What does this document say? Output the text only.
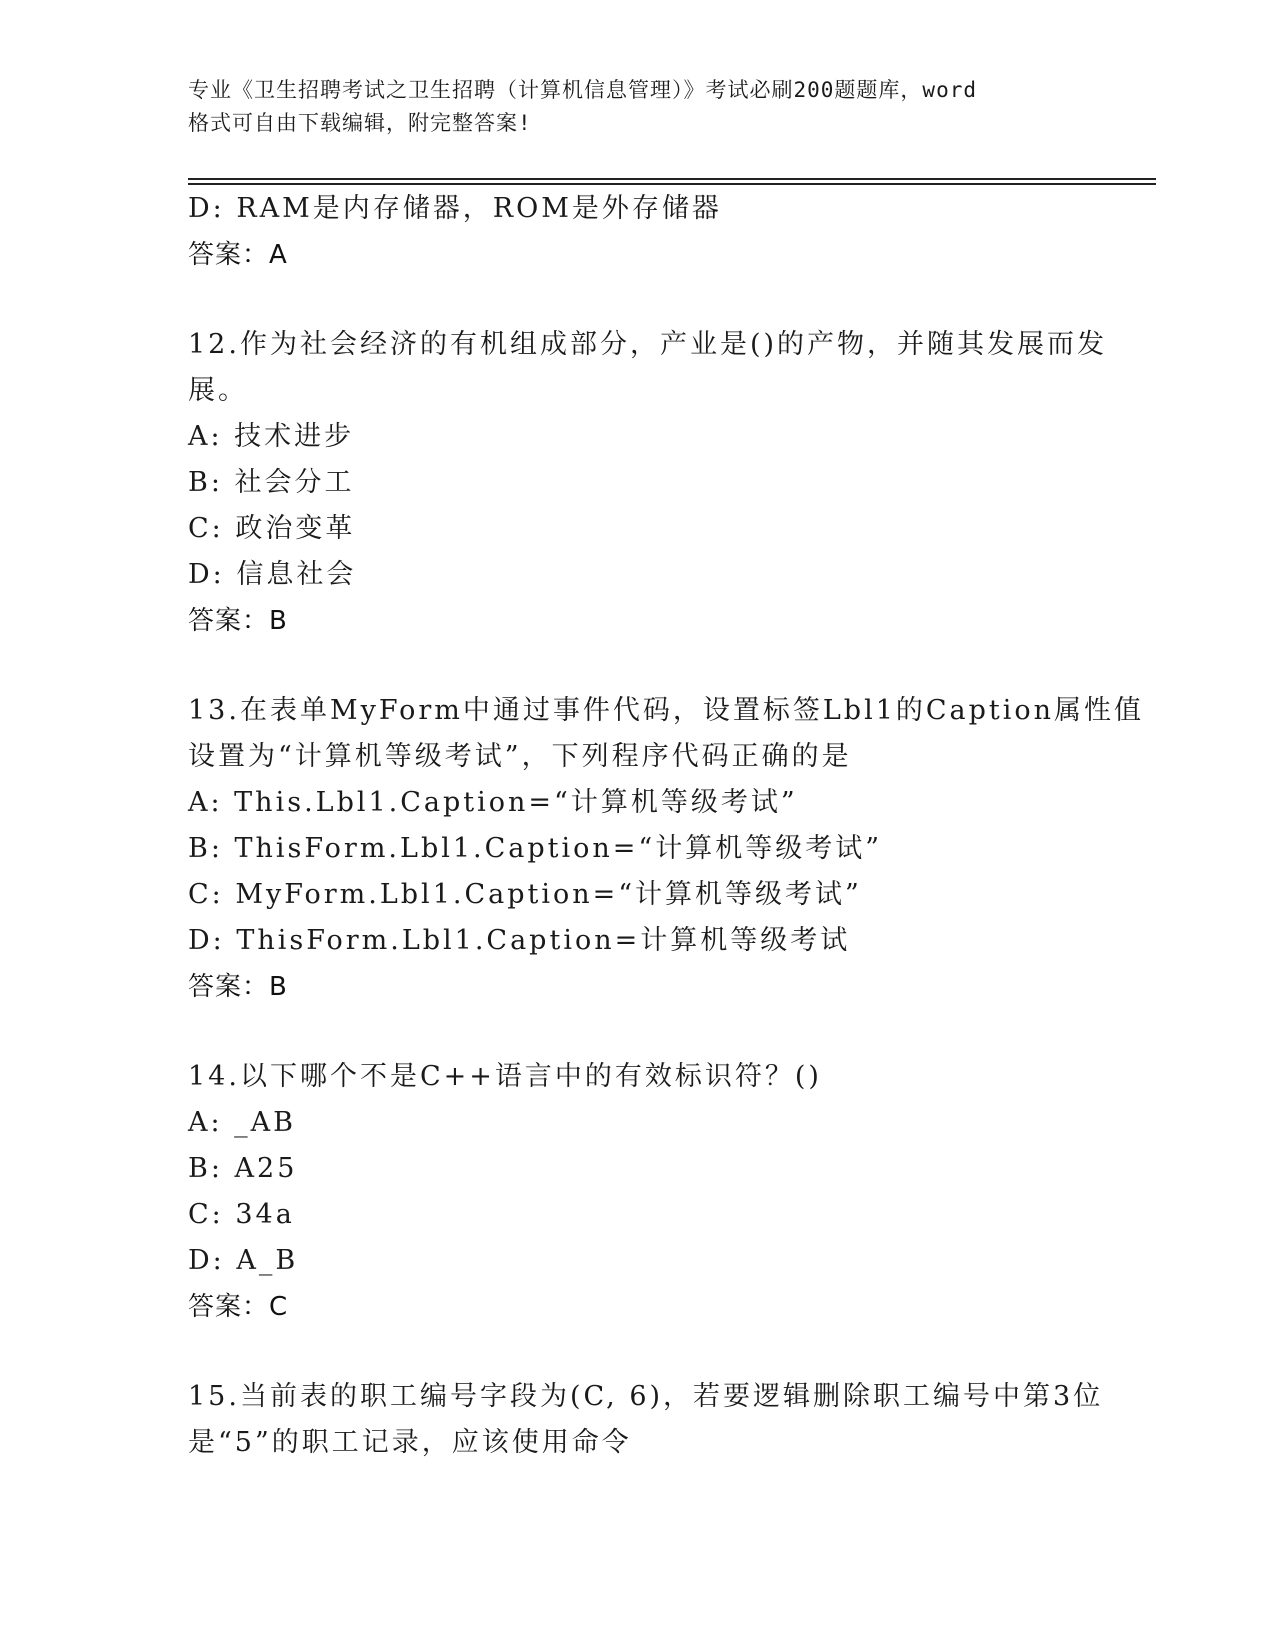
专业《卫生招聘考试之卫生招聘（计算机信息管理）》考试必刷200题题库，word
格式可自由下载编辑，附完整答案!
D: RAM是内存储器，ROM是外存储器
答案：A
12.作为社会经济的有机组成部分，产业是()的产物，并随其发展而发
展。
A: 技术进步
B: 社会分工
C: 政治变革
D: 信息社会
答案：B
13.在表单MyForm中通过事件代码，设置标签Lbl1的Caption属性值
设置为“计算机等级考试”，下列程序代码正确的是
A: This.Lbl1.Caption=“计算机等级考试”
B: ThisForm.Lbl1.Caption=“计算机等级考试”
C: MyForm.Lbl1.Caption=“计算机等级考试”
D: ThisForm.Lbl1.Caption=计算机等级考试
答案：B
14.以下哪个不是C++语言中的有效标识符？()
A: _AB
B: A25
C: 34a
D: A_B
答案：C
15.当前表的职工编号字段为(C, 6)，若要逻辑删除职工编号中第3位
是“5”的职工记录，应该使用命令
